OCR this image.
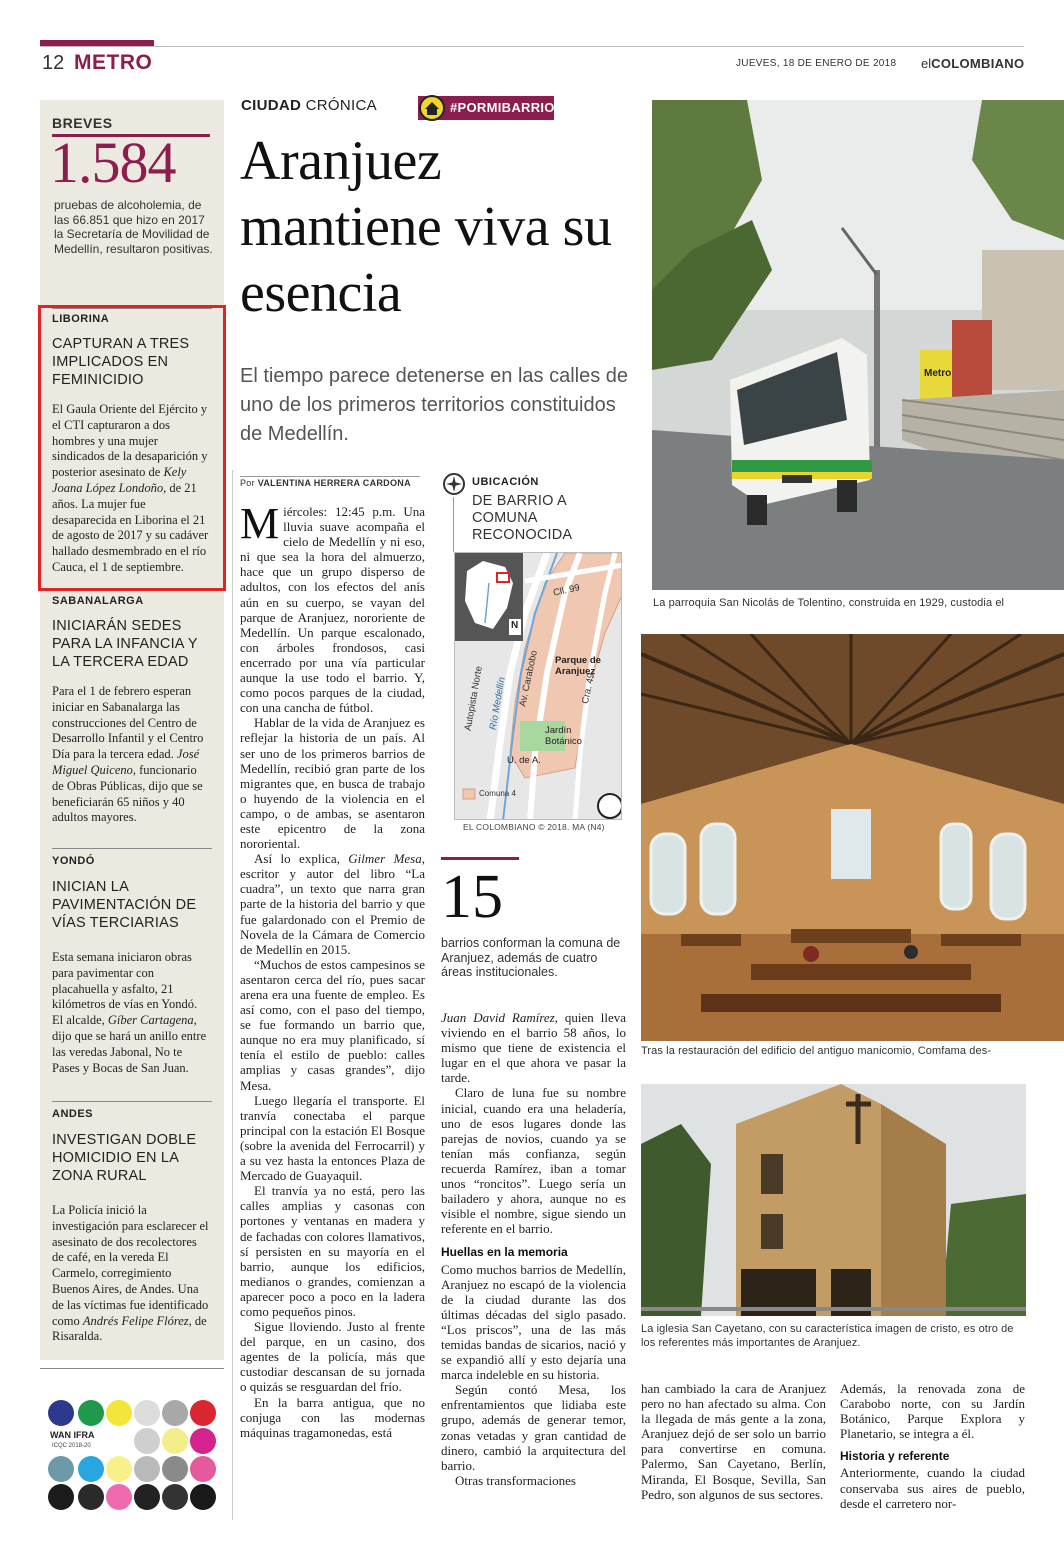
12 METRO	JUEVES, 18 DE ENERO DE 2018 elCOLOMBIANO
BREVES
1.584
pruebas de alcoholemia, de las 66.851 que hizo en 2017 la Secretaría de Movilidad de Medellín, resultaron positivas.
LIBORINA
CAPTURAN A TRES IMPLICADOS EN FEMINICIDIO
El Gaula Oriente del Ejército y el CTI capturaron a dos hombres y una mujer sindicados de la desaparición y posterior asesinato de Kely Joana López Londoño, de 21 años. La mujer fue desaparecida en Liborina el 21 de agosto de 2017 y su cadáver hallado desmembrado en el río Cauca, el 1 de septiembre.
SABANALARGA
INICIARÁN SEDES PARA LA INFANCIA Y LA TERCERA EDAD
Para el 1 de febrero esperan iniciar en Sabanalarga las construcciones del Centro de Desarrollo Infantil y el Centro Día para la tercera edad. José Miguel Quiceno, funcionario de Obras Públicas, dijo que se beneficiarán 65 niños y 40 adultos mayores.
YONDÓ
INICIAN LA PAVIMENTACIÓN DE VÍAS TERCIARIAS
Esta semana iniciaron obras para pavimentar con placahuella y asfalto, 21 kilómetros de vías en Yondó. El alcalde, Gíber Cartagena, dijo que se hará un anillo entre las veredas Jabonal, No te Pases y Bocas de San Juan.
ANDES
INVESTIGAN DOBLE HOMICIDIO EN LA ZONA RURAL
La Policía inició la investigación para esclarecer el asesinato de dos recolectores de café, en la vereda El Carmelo, corregimiento Buenos Aires, de Andes. Una de las víctimas fue identificado como Andrés Felipe Flórez, de Risaralda.
WAN IFRA
ICQC 2018-20
CIUDAD CRÓNICA	#PORMIBARRIO
Aranjuez mantiene viva su esencia
El tiempo parece detenerse en las calles de uno de los primeros territorios constituidos de Medellín.
Por VALENTINA HERRERA CARDONA

Miércoles: 12:45 p.m. Una lluvia suave acompaña el cielo de Medellín y ni eso, ni que sea la hora del almuerzo, hace que un grupo disperso de adultos, con los efectos del anís aún en su cuerpo, se vayan del parque de Aranjuez, nororiente de Medellín. Un parque escalonado, con árboles frondosos, casi encerrado por una vía particular aunque la use todo el barrio. Y, como pocos parques de la ciudad, con una cancha de fútbol.

Hablar de la vida de Aranjuez es reflejar la historia de un país. Al ser uno de los primeros barrios de Medellín, recibió gran parte de los migrantes que, en busca de trabajo o huyendo de la violencia en el campo, o de ambas, se asentaron este epicentro de la zona nororiental.

Así lo explica, Gilmer Mesa, escritor y autor del libro “La cuadra”, un texto que narra gran parte de la historia del barrio y que fue galardonado con el Premio de Novela de la Cámara de Comercio de Medellín en 2015.

“Muchos de estos campesinos se asentaron cerca del río, pues sacar arena era una fuente de empleo. Es así como, con el paso del tiempo, se fue formando un barrio que, aunque no era muy planificado, sí tenía el estilo de pueblo: calles amplias y casas grandes”, dijo Mesa.

Luego llegaría el transporte. El tranvía conectaba el parque principal con la estación El Bosque (sobre la avenida del Ferrocarril) y a su vez hasta la entonces Plaza de Mercado de Guayaquil.

El tranvía ya no está, pero las calles amplias y casonas con portones y ventanas en madera y de fachadas con colores llamativos, sí persisten en su mayoría en el barrio, aunque los edificios, medianos o grandes, comienzan a aparecer poco a poco en la ladera como pequeños pinos.

Sigue lloviendo. Justo al frente del parque, en un casino, dos agentes de la policía, más que custodiar descansan de su jornada o quizás se resguardan del frío.

En la barra antigua, que no conjuga con las modernas máquinas tragamonedas, está

UBICACIÓN
DE BARRIO A COMUNA RECONOCIDA
Cll. 99
Autopista Norte Río Medellín Av. Carabobo	Cra. 49
Parque de Aranjuez
Jardín Botánico
U. de A.
Comuna 4
N
EL COLOMBIANO © 2018. MA (N4)
15
barrios conforman la comuna de Aranjuez, además de cuatro áreas institucionales.

Juan David Ramírez, quien lleva viviendo en el barrio 58 años, lo mismo que tiene de existencia el lugar en el que ahora ve pasar la tarde.

Claro de luna fue su nombre inicial, cuando era una heladería, uno de esos lugares donde las parejas de novios, cuando ya se tenían más confianza, según recuerda Ramírez, iban a tomar unos “roncitos”. Luego sería un bailadero y ahora, aunque no es visible el nombre, sigue siendo un referente en el barrio.

Huellas en la memoria

Como muchos barrios de Medellín, Aranjuez no escapó de la violencia de la ciudad durante las dos últimas décadas del siglo pasado. “Los priscos”, una de las más temidas bandas de sicarios, nació y se expandió allí y esto dejaría una marca indeleble en su historia.

Según contó Mesa, los enfrentamientos que lidiaba este grupo, además de generar temor, zonas vetadas y gran cantidad de dinero, cambió la arquitectura del barrio.

Otras transformaciones

Metro
La parroquia San Nicolás de Tolentino, construida en 1929, custodia el
Tras la restauración del edificio del antiguo manicomio, Comfama des-
La iglesia San Cayetano, con su característica imagen de cristo, es otro de los referentes más importantes de Aranjuez.

han cambiado la cara de Aranjuez pero no han afectado su alma. Con la llegada de más gente a la zona, Aranjuez dejó de ser solo un barrio para convertirse en comuna. Palermo, San Cayetano, Berlín, Miranda, El Bosque, Sevilla, San Pedro, son algunos de sus sectores.

Además, la renovada zona de Carabobo norte, con su Jardín Botánico, Parque Explora y Planetario, se integra a él.

Historia y referente

Anteriormente, cuando la ciudad conservaba sus aires de pueblo, desde el carretero nor-
